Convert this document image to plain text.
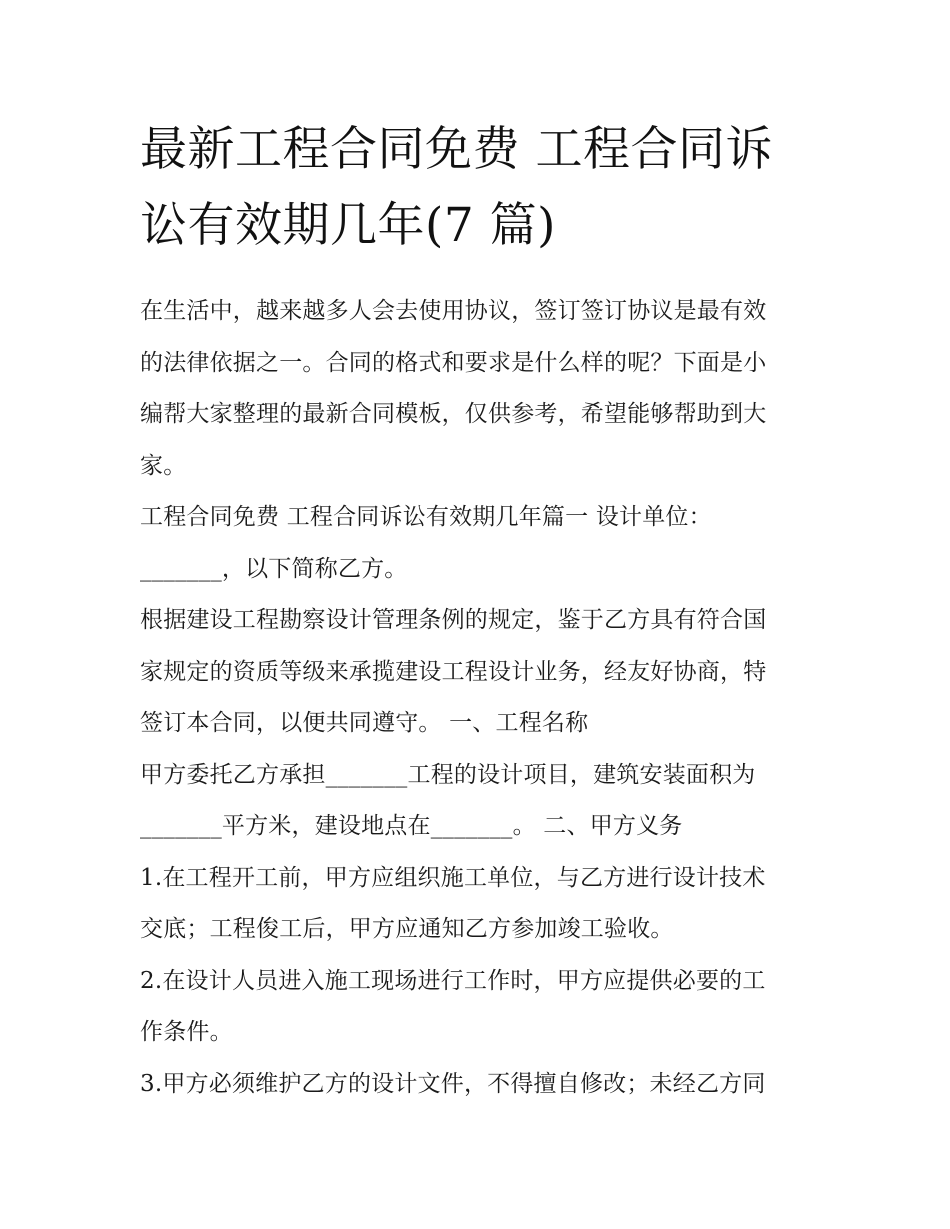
最新工程合同免费 工程合同诉
讼有效期几年(7 篇)

在生活中，越来越多人会去使用协议，签订签订协议是最有效
的法律依据之一。合同的格式和要求是什么样的呢？下面是小
编帮大家整理的最新合同模板，仅供参考，希望能够帮助到大
家。

工程合同免费 工程合同诉讼有效期几年篇一 设计单位：
_______，以下简称乙方。

根据建设工程勘察设计管理条例的规定，鉴于乙方具有符合国
家规定的资质等级来承揽建设工程设计业务，经友好协商，特
签订本合同，以便共同遵守。 一、工程名称

甲方委托乙方承担_______工程的设计项目，建筑安装面积为
_______平方米，建设地点在_______。 二、甲方义务

1.在工程开工前，甲方应组织施工单位，与乙方进行设计技术
交底；工程俊工后，甲方应通知乙方参加竣工验收。

2.在设计人员进入施工现场进行工作时，甲方应提供必要的工
作条件。

3.甲方必须维护乙方的设计文件，不得擅自修改；未经乙方同
